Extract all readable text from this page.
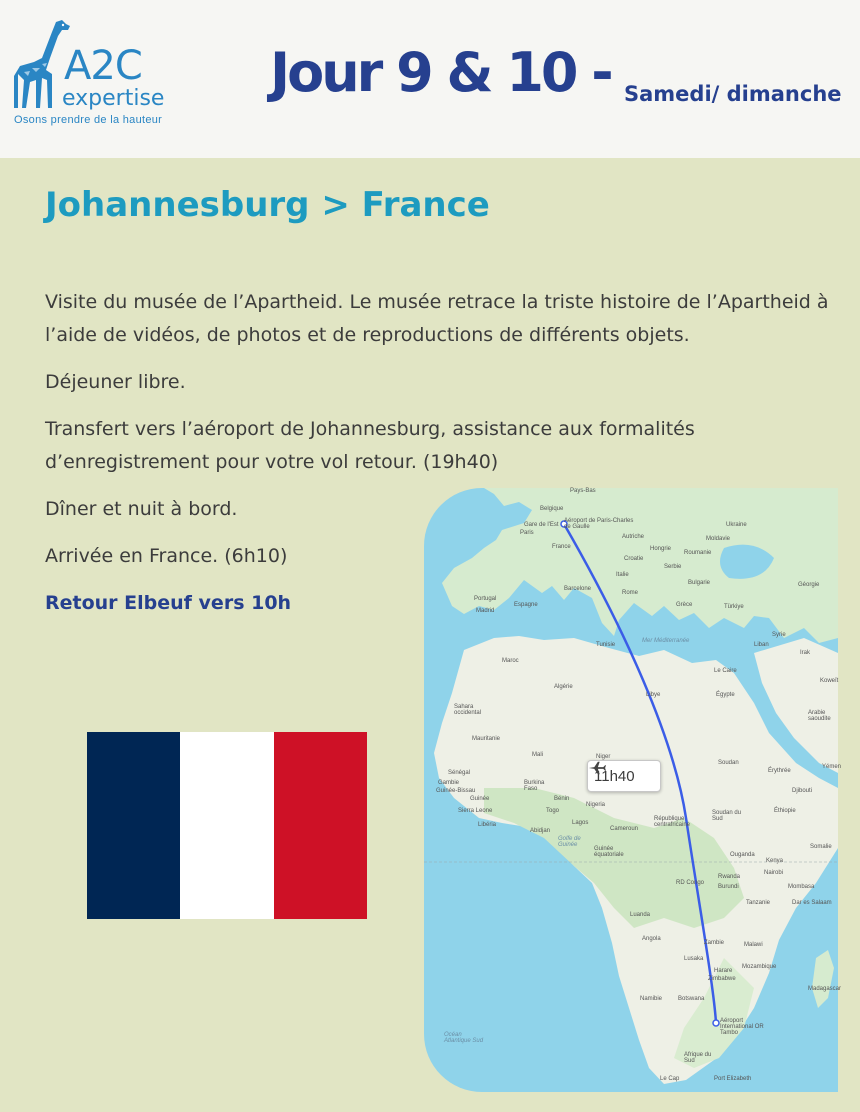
A2C
expertise
Osons prendre de la hauteur
Jour 9 & 10 - Samedi/ dimanche
Johannesburg > France

Visite du musée de l’Apartheid. Le musée retrace la triste histoire de l’Apartheid à l’aide de vidéos, de photos et de reproductions de différents objets.

Déjeuner libre.

Transfert vers l’aéroport de Johannesburg, assistance aux formalités d’enregistrement pour votre vol retour. (19h40)

Dîner et nuit à bord.

Arrivée en France. (6h10)

Retour Elbeuf vers 10h

Pays-Bas
Belgique
Aéroport de Paris-Charles de Gaulle
Gare de l'Est
Paris
France
Ukraine
Moldavie
Roumanie
Autriche
Hongrie
Croatie
Serbie
Italie
Bulgarie
Rome
Grèce	Türkiye
Géorgie
Espagne
Portugal
Barcelone
Madrid
Maroc
Tunisie
Algérie
Mer Méditerranée
Syrie
Liban
Irak
Le Caire
Égypte
Libye
Koweït
Arabie saoudite
Sahara occidental
Mauritanie
Mali	Niger
Sénégal
Gambie
Guinée-Bissau
Guinée
Sierra Leone
Libéria
Burkina Faso
Bénin
Togo
Nigeria
Lagos
Abidjan
Golfe de Guinée
Cameroun
Guinée équatoriale
République centrafricaine
Soudan
Soudan du Sud
Érythrée
Djibouti
Éthiopie
Yémen
Somalie
Ouganda
Kenya
Nairobi
RD Congo
Rwanda
Burundi
Tanzanie
Mombasa
Dar es Salaam
Luanda
Angola
Zambie	Malawi
Lusaka
Harare
Zimbabwe
Mozambique
Namibie	Botswana
Madagascar
Aéroport International OR Tambo
Océan Atlantique Sud
Afrique du Sud
Le Cap	Port Elizabeth
11h40
